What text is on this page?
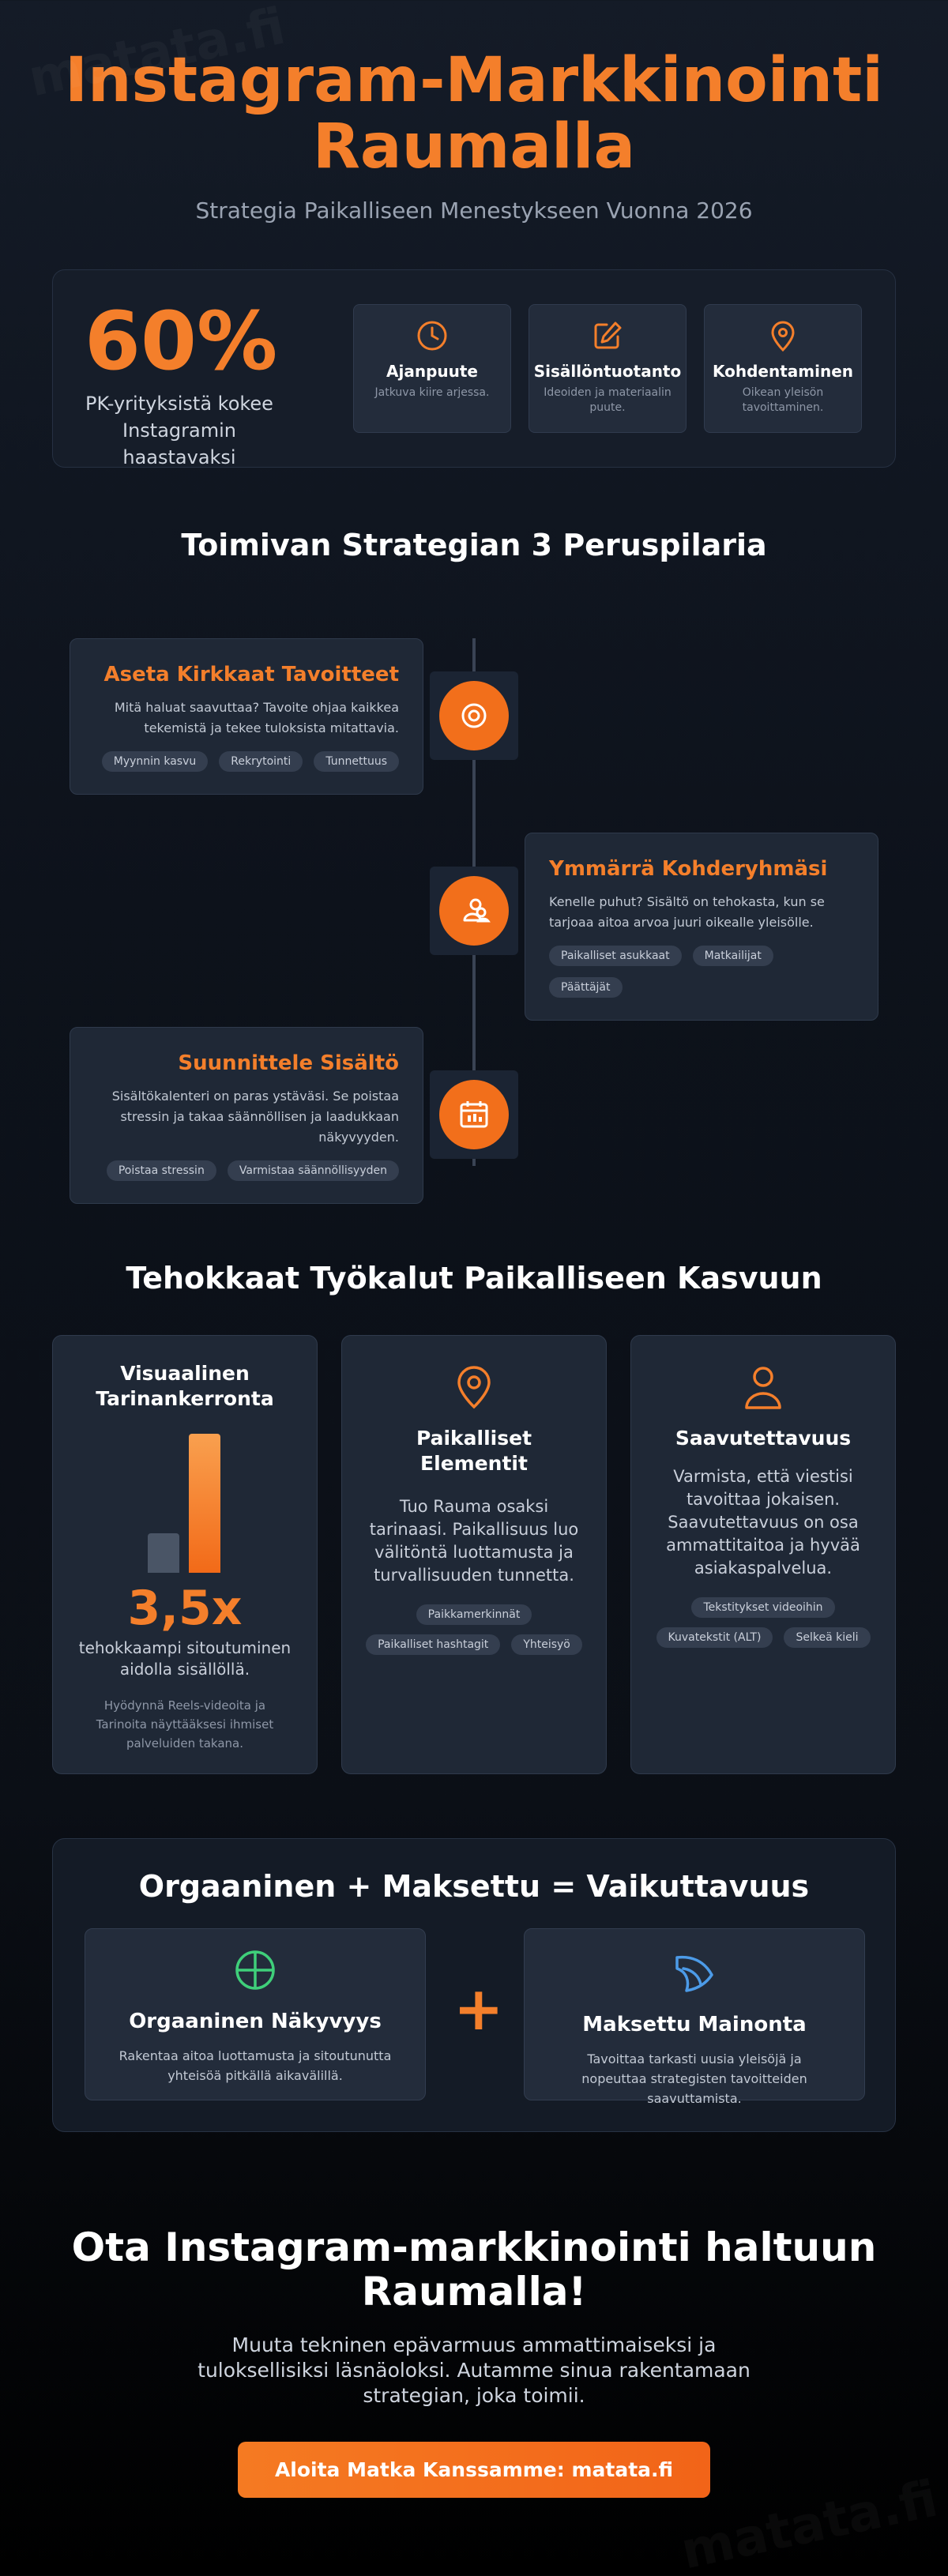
Instagram-Markkinointi
Raumalla
Strategia Paikalliseen Menestykseen Vuonna 2026
60%
PK-yrityksistä kokee
Instagramin haastavaksi
Ajanpuute
Jatkuva kiire arjessa.
Sisällöntuotanto
Ideoiden ja materiaalin puute.
Kohdentaminen
Oikean yleisön tavoittaminen.
Toimivan Strategian 3 Peruspilaria
Aseta Kirkkaat Tavoitteet

Mitä haluat saavuttaa? Tavoite ohjaa kaikkea tekemistä ja tekee tuloksista mitattavia.

Myynnin kasvu	Rekrytointi	Tunnettuus
Ymmärrä Kohderyhmäsi

Kenelle puhut? Sisältö on tehokasta, kun se tarjoaa aitoa arvoa juuri oikealle yleisölle.

Paikalliset asukkaat	Matkailijat
Päättäjät
Suunnittele Sisältö

Sisältökalenteri on paras ystäväsi. Se poistaa stressin ja takaa säännöllisen ja laadukkaan näkyvyyden.

Poistaa stressin	Varmistaa säännöllisyyden
Tehokkaat Työkalut Paikalliseen Kasvuun
Visuaalinen
Tarinankerronta
3,5x
tehokkaampi sitoutuminen aidolla sisällöllä.
Hyödynnä Reels-videoita ja Tarinoita näyttääksesi ihmiset palveluiden takana.
Paikalliset
Elementit
Tuo Rauma osaksi tarinaasi. Paikallisuus luo välitöntä luottamusta ja turvallisuuden tunnetta.
Paikkamerkinnät
Paikalliset hashtagit	Yhteisyö
Saavutettavuus
Varmista, että viestisi tavoittaa jokaisen. Saavutettavuus on osa ammattitaitoa ja hyvää asiakaspalvelua.
Tekstitykset videoihin
Kuvatekstit (ALT)	Selkeä kieli
Orgaaninen + Maksettu = Vaikuttavuus
Orgaaninen Näkyvyys

Rakentaa aitoa luottamusta ja sitoutunutta yhteisöä pitkällä aikavälillä.

+	Maksettu Mainonta

Tavoittaa tarkasti uusia yleisöjä ja nopeuttaa strategisten tavoitteiden saavuttamista.

Ota Instagram-markkinointi haltuun
Raumalla!

Muuta tekninen epävarmuus ammattimaiseksi ja tuloksellisiksi läsnäoloksi. Autamme sinua rakentamaan strategian, joka toimii.

Aloita Matka Kanssamme: matata.fi
